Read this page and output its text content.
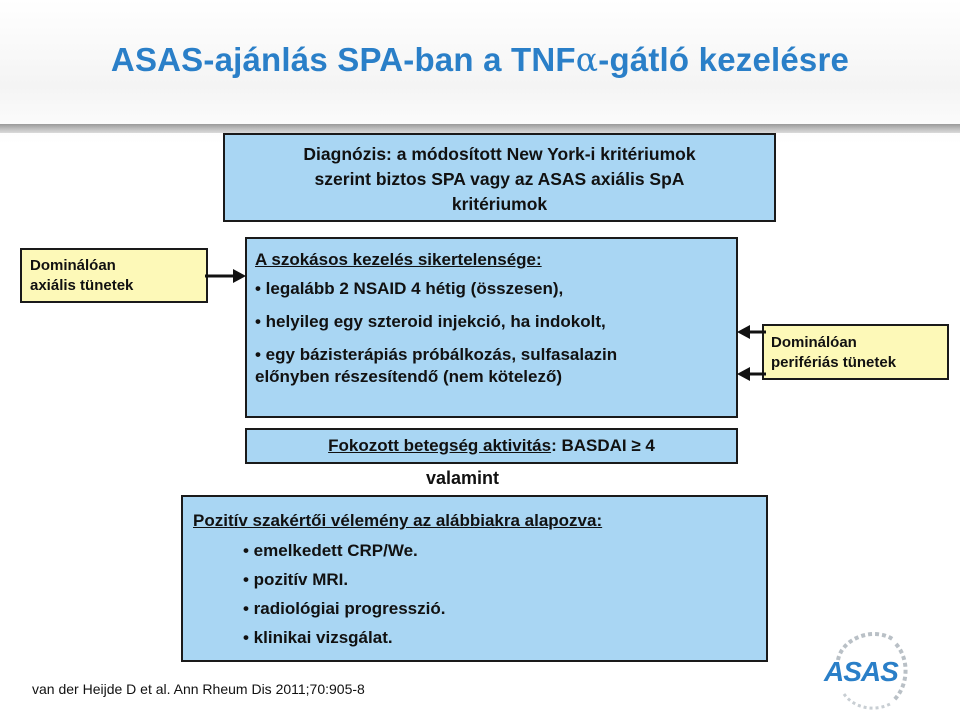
ASAS-ajánlás SPA-ban a TNFα-gátló kezelésre
Diagnózis: a módosított New York-i kritériumok
szerint biztos SPA vagy az ASAS axiális SpA
kritériumok
Dominálóan
axiális tünetek
A szokásos kezelés sikertelensége:
• legalább 2 NSAID 4 hétig (összesen),
• helyileg egy szteroid injekció, ha indokolt,
• egy bázisterápiás próbálkozás, sulfasalazin
előnyben részesítendő (nem kötelező)
Dominálóan
perifériás tünetek
Fokozott betegség aktivitás: BASDAI ≥ 4
valamint
Pozitív szakértői vélemény az alábbiakra alapozva:
• emelkedett CRP/We.
• pozitív MRI.
• radiológiai progresszió.
• klinikai vizsgálat.
van der Heijde D et al. Ann Rheum Dis 2011;70:905-8
ASAS
